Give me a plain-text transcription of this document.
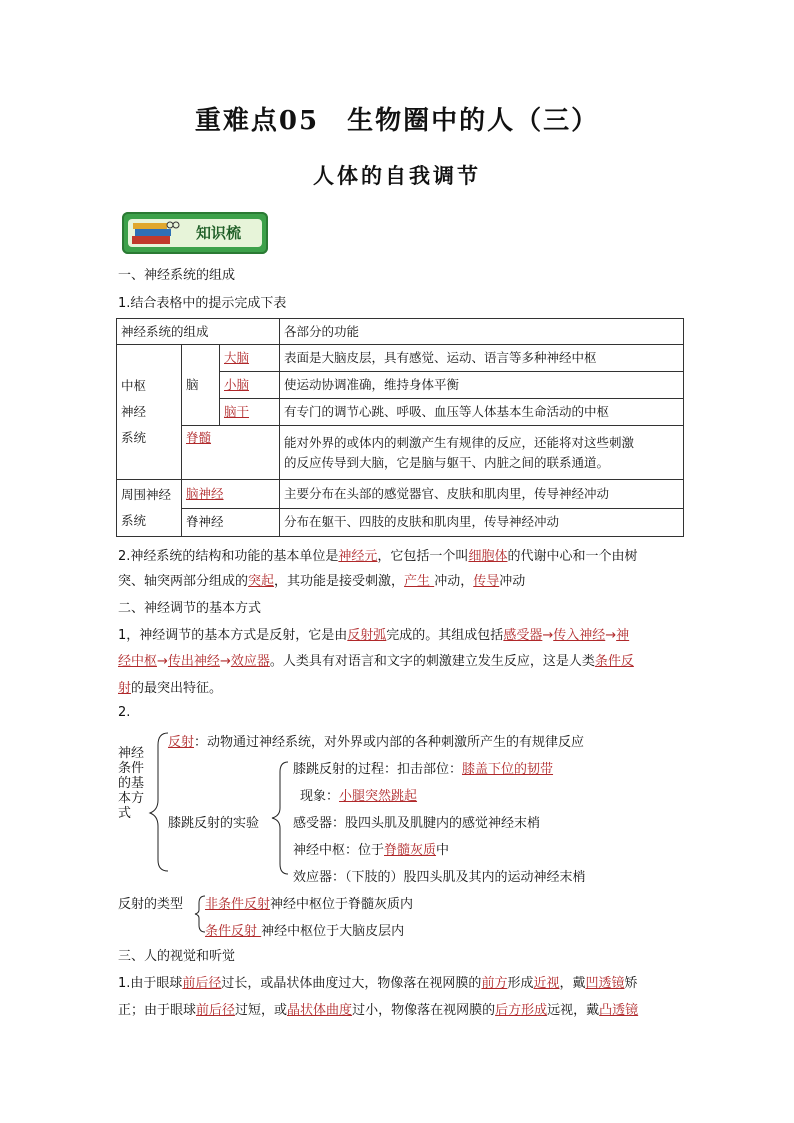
重难点05　生物圈中的人（三）
人体的自我调节
知识梳
一、神经系统的组成
1.结合表格中的提示完成下表
神经系统的组成			各部分的功能

中枢神经系统	脑	大脑	表面是大脑皮层，具有感觉、运动、语言等多种神经中枢
		小脑	使运动协调准确，维持身体平衡
		脑干	有专门的调节心跳、呼吸、血压等人体基本生命活动的中枢
	脊髓		能对外界的或体内的刺激产生有规律的反应，还能将对这些刺激
的反应传导到大脑，它是脑与躯干、内脏之间的联系通道。

周围神经系统	脑神经		主要分布在头部的感觉器官、皮肤和肌肉里，传导神经冲动
	脊神经		分布在躯干、四肢的皮肤和肌肉里，传导神经冲动
2.神经系统的结构和功能的基本单位是神经元，它包括一个叫细胞体的代谢中心和一个由树
突、轴突两部分组成的突起，其功能是接受刺激，产生 冲动，传导冲动
二、神经调节的基本方式
1，神经调节的基本方式是反射，它是由反射弧完成的。其组成包括感受器→传入神经→神
经中枢→传出神经→效应器。人类具有对语言和文字的刺激建立发生反应，这是人类条件反
射的最突出特征。
2.
神经条件的基本方式
反射：动物通过神经系统，对外界或内部的各种刺激所产生的有规律反应
膝跳反射的实验
膝跳反射的过程：扣击部位：膝盖下位的韧带
现象：小腿突然跳起
感受器：股四头肌及肌腱内的感觉神经末梢
神经中枢：位于脊髓灰质中
效应器：（下肢的）股四头肌及其内的运动神经末梢
反射的类型 非条件反射神经中枢位于脊髓灰质内
条件反射 神经中枢位于大脑皮层内
三、人的视觉和听觉
1.由于眼球前后径过长，或晶状体曲度过大，物像落在视网膜的前方形成近视，戴凹透镜矫
正；由于眼球前后径过短，或晶状体曲度过小，物像落在视网膜的后方形成远视，戴凸透镜
